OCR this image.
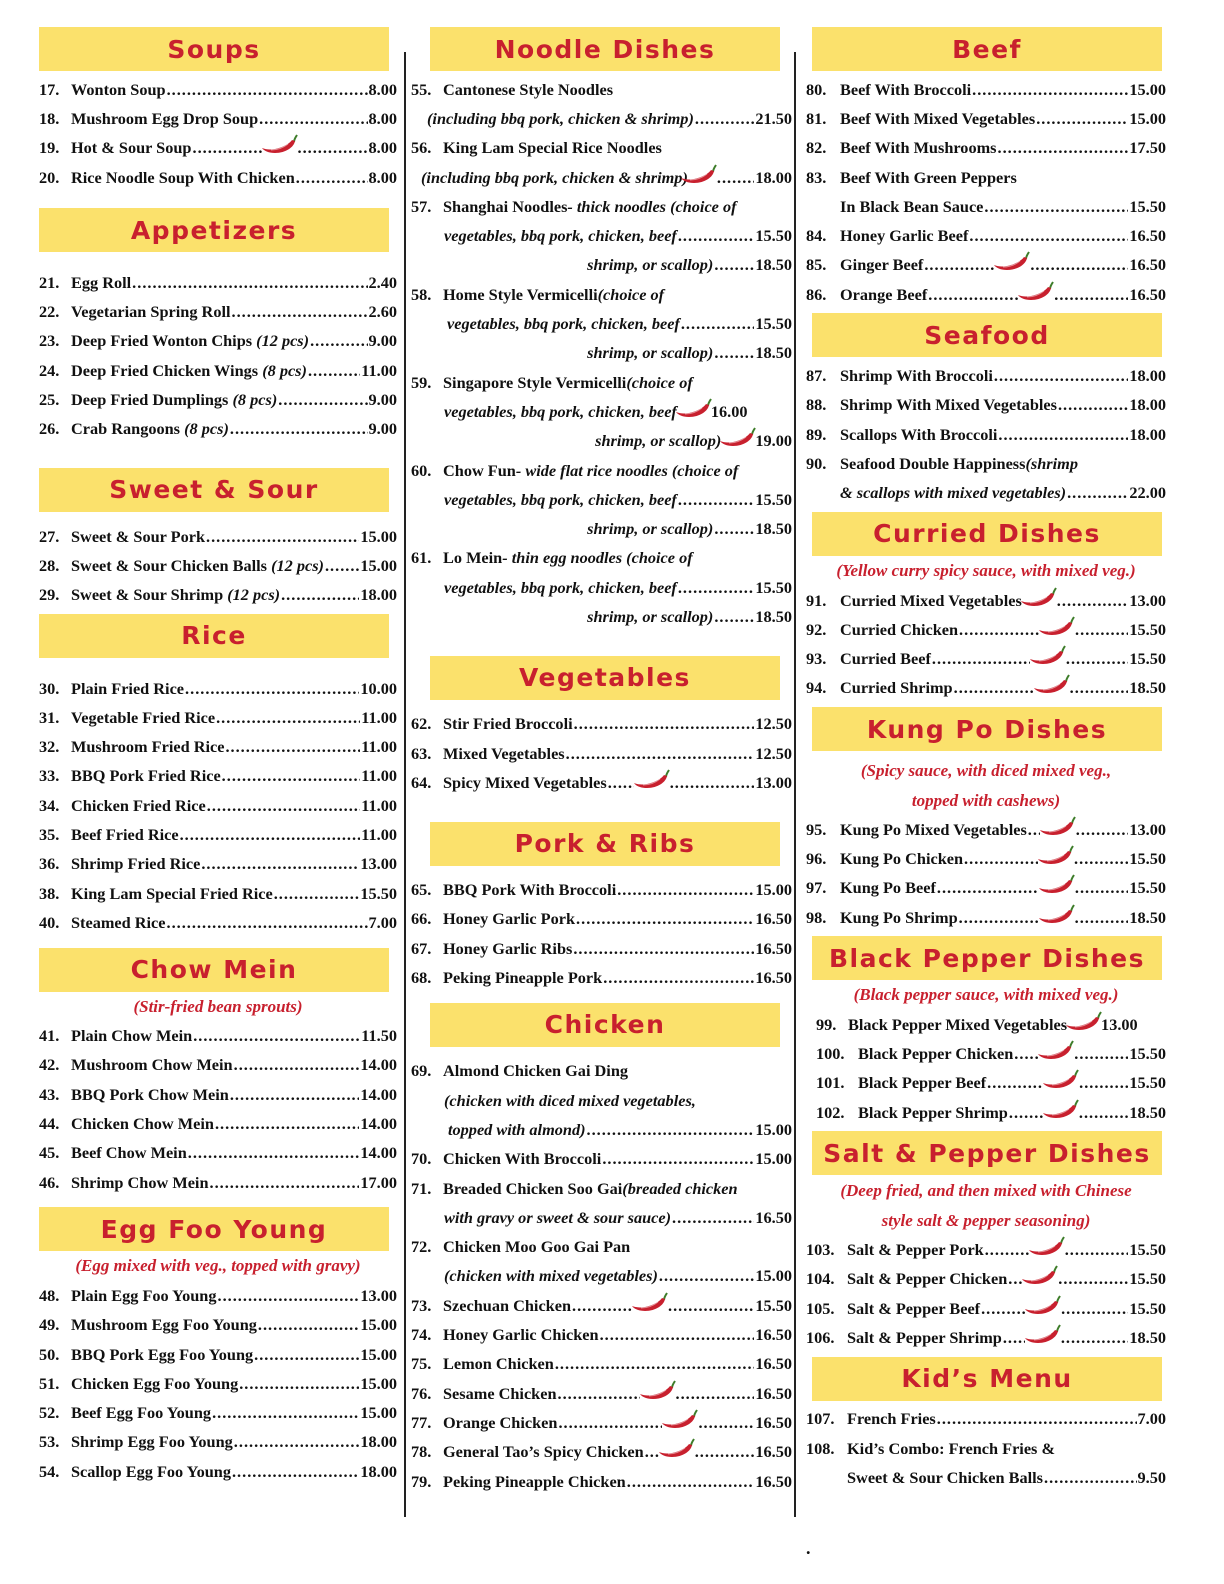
Soups
17. Wonton Soup .....	8.00
18. Mushroom Egg Drop Soup .....	8.00
19. Hot & Sour Soup ..... .....	8.00
20. Rice Noodle Soup With Chicken .....	8.00
Appetizers
21. Egg Roll .....	2.40
22. Vegetarian Spring Roll .....	2.60
23. Deep Fried Wonton Chips
(12 pcs) .....	9.00
24. Deep Fried Chicken Wings
(8 pcs) .....	11.00
25. Deep Fried Dumplings
(8 pcs) .....	9.00
26. Crab Rangoons
(8 pcs) .....	9.00
Sweet & Sour
27. Sweet & Sour Pork .....	15.00
28. Sweet & Sour Chicken Balls
(12 pcs) ..... 15.00
29. Sweet & Sour Shrimp
(12 pcs) .....	18.00
Rice
30. Plain Fried Rice .....	10.00
31. Vegetable Fried Rice .....	11.00
32. Mushroom Fried Rice .....	11.00
33. BBQ Pork Fried Rice .....	11.00
34. Chicken Fried Rice .....	11.00
35. Beef Fried Rice .....	11.00
36. Shrimp Fried Rice .....	13.00
38. King Lam Special Fried Rice .....	15.50
40. Steamed Rice .....	7.00
Chow Mein
(Stir-fried bean sprouts)
41. Plain Chow Mein .....	11.50
42. Mushroom Chow Mein .....	14.00
43. BBQ Pork Chow Mein .....	14.00
44. Chicken Chow Mein .....	14.00
45. Beef Chow Mein .....	14.00
46. Shrimp Chow Mein .....	17.00
Egg Foo Young
(Egg mixed with veg., topped with gravy)
48. Plain Egg Foo Young .....	13.00
49. Mushroom Egg Foo Young .....	15.00
50. BBQ Pork Egg Foo Young .....	15.00
51. Chicken Egg Foo Young .....	15.00
52. Beef Egg Foo Young .....	15.00
53. Shrimp Egg Foo Young .....	18.00
54. Scallop Egg Foo Young .....	18.00
Noodle Dishes
55. Cantonese Style Noodles
(including bbq pork, chicken & shrimp) .....	21.50
56. King Lam Special Rice Noodles
(including bbq pork, chicken & shrimp) .....	18.00
57. Shanghai Noodles - thick noodles (choice of
vegetables, bbq pork, chicken, beef .....	15.50
shrimp, or scallop) .....	18.50
58. Home Style Vermicelli (choice of
vegetables, bbq pork, chicken, beef .....	15.50
shrimp, or scallop) .....	18.50
59. Singapore Style Vermicelli (choice of
vegetables, bbq pork, chicken, beef 16.00
shrimp, or scallop) 19.00
60. Chow Fun - wide flat rice noodles (choice of
vegetables, bbq pork, chicken, beef .....	15.50
shrimp, or scallop) .....	18.50
61. Lo Mein - thin egg noodles (choice of
vegetables, bbq pork, chicken, beef .....	15.50
shrimp, or scallop) .....	18.50
Vegetables
62. Stir Fried Broccoli .....	12.50
63. Mixed Vegetables .....	12.50
64. Spicy Mixed Vegetables ..... .....	13.00
Pork & Ribs
65. BBQ Pork With Broccoli .....	15.00
66. Honey Garlic Pork .....	16.50
67. Honey Garlic Ribs .....	16.50
68. Peking Pineapple Pork .....	16.50
Chicken
69. Almond Chicken Gai Ding
(chicken with diced mixed vegetables,
topped with almond) .....	15.00
70. Chicken With Broccoli .....	15.00
71. Breaded Chicken Soo Gai (breaded chicken
with gravy or sweet & sour sauce) .....	16.50
72. Chicken Moo Goo Gai Pan
(chicken with mixed vegetables) .....	15.00
73. Szechuan Chicken ..... .....	15.50
74. Honey Garlic Chicken .....	16.50
75. Lemon Chicken .....	16.50
76. Sesame Chicken ..... .....	16.50
77. Orange Chicken ..... .....	16.50
78. General Tao’s Spicy Chicken ..... .....	16.50
79. Peking Pineapple Chicken .....	16.50
Beef
80. Beef With Broccoli .....	15.00
81. Beef With Mixed Vegetables .....	15.00
82. Beef With Mushrooms .....	17.50
83. Beef With Green Peppers
In Black Bean Sauce .....	15.50
84. Honey Garlic Beef .....	16.50
85. Ginger Beef ..... .....	16.50
86. Orange Beef ..... .....	16.50
Seafood
87. Shrimp With Broccoli .....	18.00
88. Shrimp With Mixed Vegetables .....	18.00
89. Scallops With Broccoli .....	18.00
90. Seafood Double Happiness (shrimp
& scallops with mixed vegetables) .....	22.00
Curried Dishes
(Yellow curry spicy sauce, with mixed veg.)
91. Curried Mixed Vegetables .....	13.00
92. Curried Chicken ..... .....	15.50
93. Curried Beef ..... .....	15.50
94. Curried Shrimp ..... .....	18.50
Kung Po Dishes
(Spicy sauce, with diced mixed veg.,
topped with cashews)
95. Kung Po Mixed Vegetables ..... .....	13.00
96. Kung Po Chicken ..... .....	15.50
97. Kung Po Beef ..... .....	15.50
98. Kung Po Shrimp ..... .....	18.50
Black Pepper Dishes
(Black pepper sauce, with mixed veg.)
99. Black Pepper Mixed Vegetables 13.00
100. Black Pepper Chicken ..... .....	15.50
101. Black Pepper Beef ..... .....	15.50
102. Black Pepper Shrimp ..... .....	18.50
Salt & Pepper Dishes
(Deep fried, and then mixed with Chinese
style salt & pepper seasoning)
103. Salt & Pepper Pork ..... .....	15.50
104. Salt & Pepper Chicken ..... .....	15.50
105. Salt & Pepper Beef ..... .....	15.50
106. Salt & Pepper Shrimp ..... .....	18.50
Kid’s Menu
107. French Fries .....	7.00
108. Kid’s Combo: French Fries &
Sweet & Sour Chicken Balls .....	9.50
.
